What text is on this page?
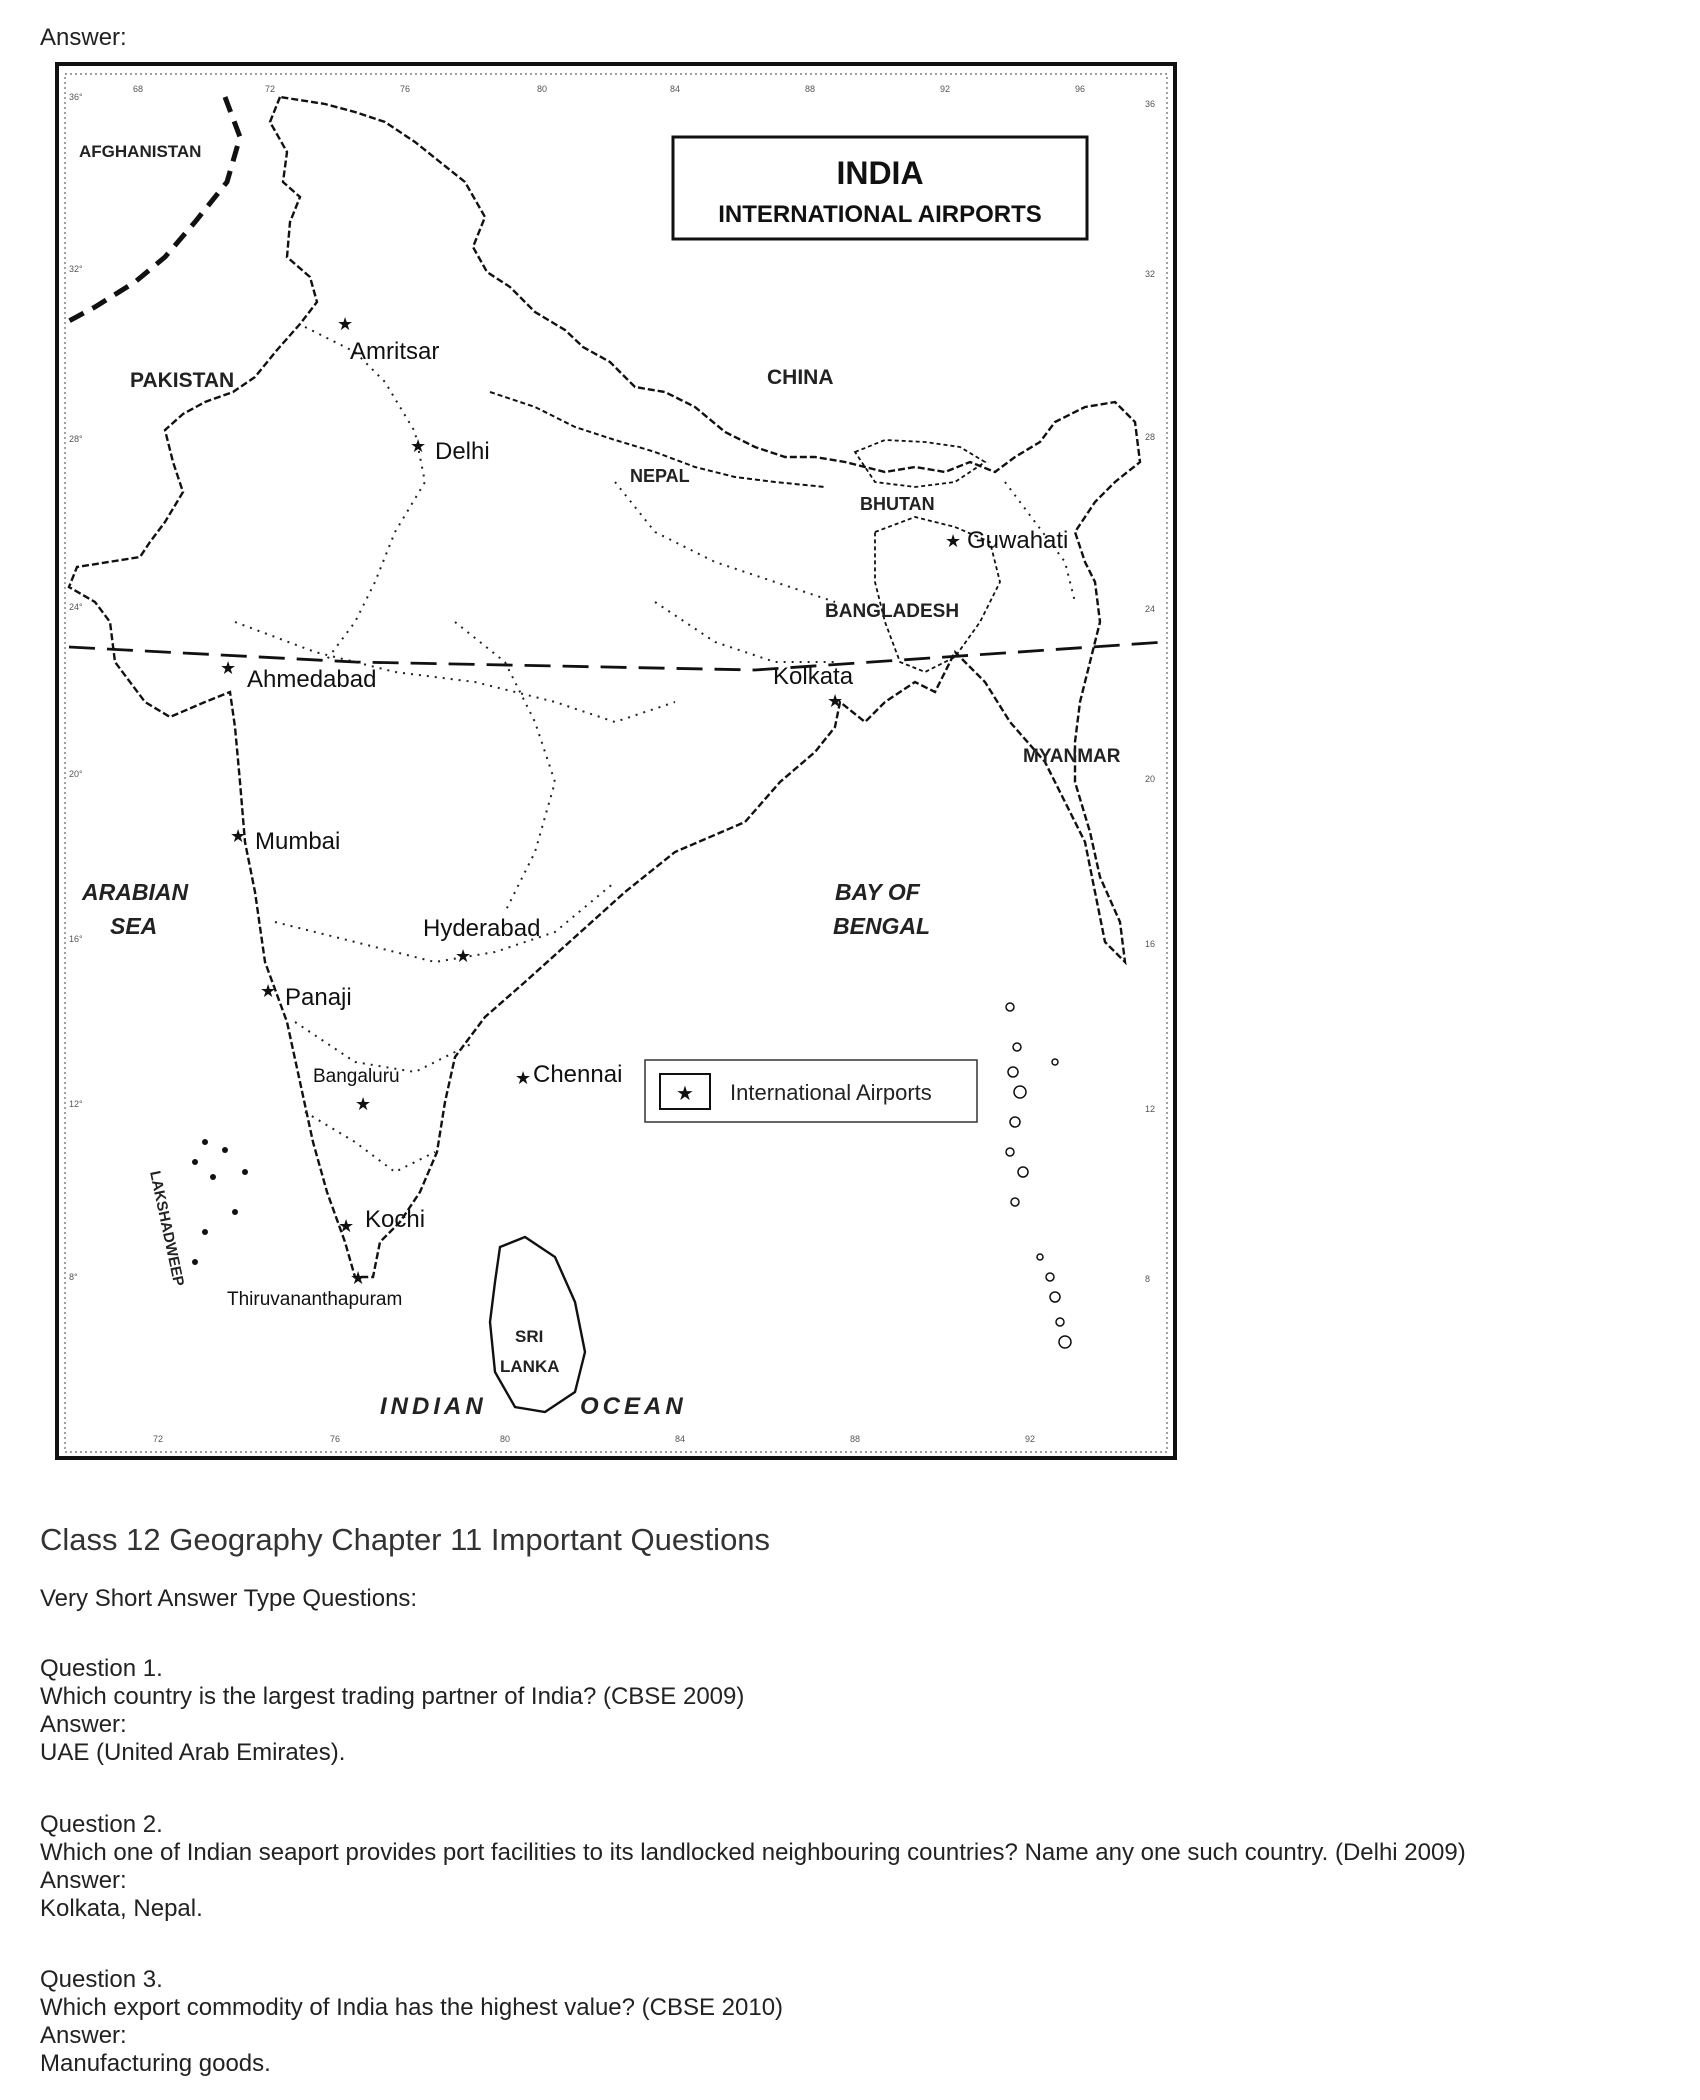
Answer:
68	72	76	80	84	88	92	96
72	76	80	84	88	92
36°
32°
28°
24°
20°
16°
12°
8°
36
32
28
24
20
16
12
8
INDIA
INTERNATIONAL AIRPORTS
AFGHANISTAN
PAKISTAN	CHINA
NEPAL
BHUTAN
BANGLADESH
MYANMAR
SRI
LANKA
ARABIAN
SEA
BAY OF
BENGAL
INDIAN	OCEAN
LAKSHADWEEP
★
Amritsar
★ Delhi
★ Guwahati
★
Kolkata
★ Ahmedabad
★ Mumbai
★
Hyderabad
★ Panaji
★
Bangaluru	★ Chennai
★ Kochi
★
Thiruvananthapuram
★ International Airports
Class 12 Geography Chapter 11 Important Questions
Very Short Answer Type Questions:
Question 1.
Which country is the largest trading partner of India? (CBSE 2009)
Answer:
UAE (United Arab Emirates).
Question 2.
Which one of Indian seaport provides port facilities to its landlocked neighbouring countries? Name any one such country. (Delhi 2009)
Answer:
Kolkata, Nepal.
Question 3.
Which export commodity of India has the highest value? (CBSE 2010)
Answer:
Manufacturing goods.
